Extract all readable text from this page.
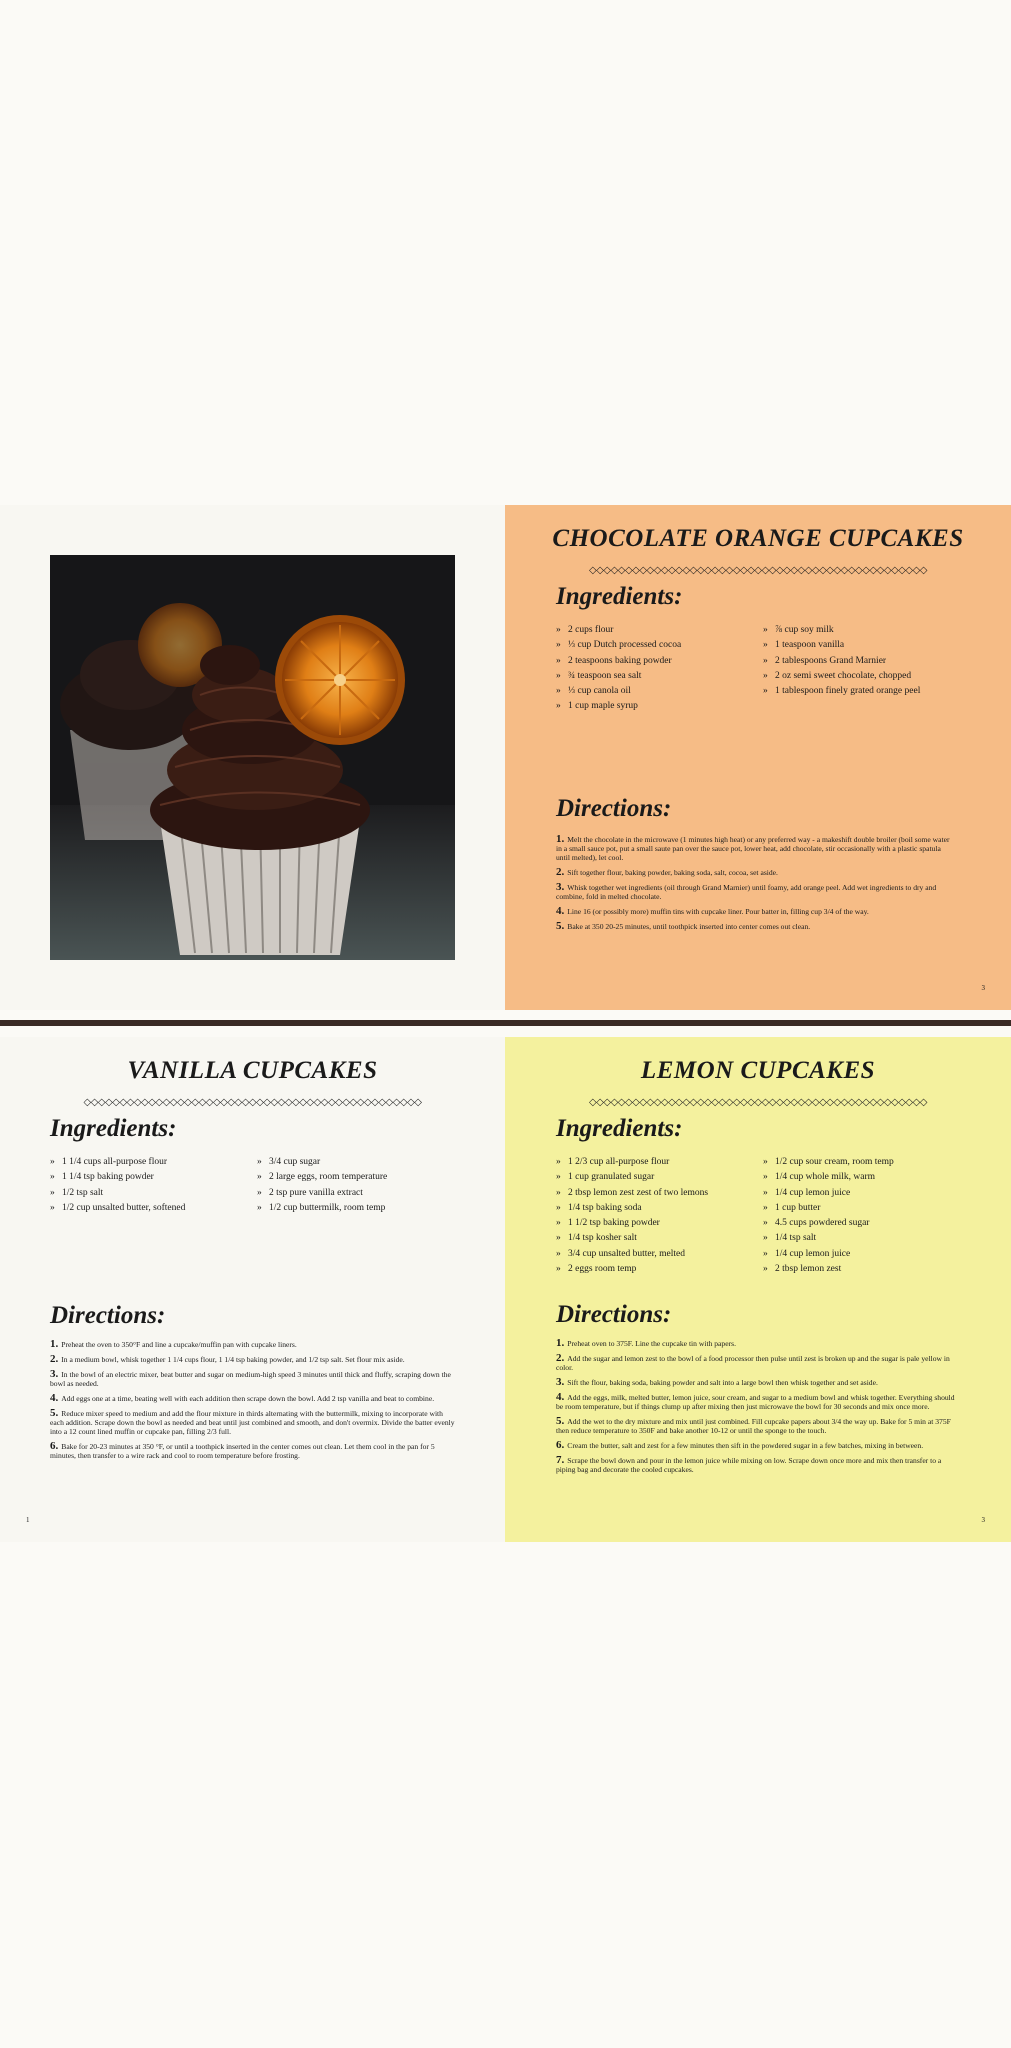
CHOCOLATE ORANGE CUPCAKES
◇◇◇◇◇◇◇◇◇◇◇◇◇◇◇◇◇◇◇◇◇◇◇◇◇◇◇◇◇◇◇◇◇◇◇◇◇◇◇◇◇◇◇◇◇◇◇
Ingredients:
» 2 cups flour
» ⅓ cup Dutch processed cocoa
» 2 teaspoons baking powder
» ¾ teaspoon sea salt
» ⅓ cup canola oil
» 1 cup maple syrup
» ⅞ cup soy milk
» 1 teaspoon vanilla
» 2 tablespoons Grand Marnier
» 2 oz semi sweet chocolate, chopped
» 1 tablespoon finely grated orange peel
Directions:
1. Melt the chocolate in the microwave (1 minutes high heat) or any preferred way - a makeshift double broiler (boil some water in a small sauce pot, put a small saute pan over the sauce pot, lower heat, add chocolate, stir occasionally with a plastic spatula until melted), let cool.
2. Sift together flour, baking powder, baking soda, salt, cocoa, set aside.
3. Whisk together wet ingredients (oil through Grand Marnier) until foamy, add orange peel. Add wet ingredients to dry and combine, fold in melted chocolate.
4. Line 16 (or possibly more) muffin tins with cupcake liner. Pour batter in, filling cup 3/4 of the way.
5. Bake at 350 20-25 minutes, until toothpick inserted into center comes out clean.
3
VANILLA CUPCAKES
◇◇◇◇◇◇◇◇◇◇◇◇◇◇◇◇◇◇◇◇◇◇◇◇◇◇◇◇◇◇◇◇◇◇◇◇◇◇◇◇◇◇◇◇◇◇◇
Ingredients:
» 1 1/4 cups all-purpose flour
» 1 1/4 tsp baking powder
» 1/2 tsp salt
» 1/2 cup unsalted butter, softened
» 3/4 cup sugar
» 2 large eggs, room temperature
» 2 tsp pure vanilla extract
» 1/2 cup buttermilk, room temp
Directions:
1. Preheat the oven to 350°F and line a cupcake/muffin pan with cupcake liners.
2. In a medium bowl, whisk together 1 1/4 cups flour, 1 1/4 tsp baking powder, and 1/2 tsp salt. Set flour mix aside.
3. In the bowl of an electric mixer, beat butter and sugar on medium-high speed 3 minutes until thick and fluffy, scraping down the bowl as needed.
4. Add eggs one at a time, beating well with each addition then scrape down the bowl. Add 2 tsp vanilla and beat to combine.
5. Reduce mixer speed to medium and add the flour mixture in thirds alternating with the buttermilk, mixing to incorporate with each addition. Scrape down the bowl as needed and beat until just combined and smooth, and don't overmix. Divide the batter evenly into a 12 count lined muffin or cupcake pan, filling 2/3 full.
6. Bake for 20-23 minutes at 350 °F, or until a toothpick inserted in the center comes out clean. Let them cool in the pan for 5 minutes, then transfer to a wire rack and cool to room temperature before frosting.
1
LEMON CUPCAKES
◇◇◇◇◇◇◇◇◇◇◇◇◇◇◇◇◇◇◇◇◇◇◇◇◇◇◇◇◇◇◇◇◇◇◇◇◇◇◇◇◇◇◇◇◇◇◇
Ingredients:
» 1 2/3 cup all-purpose flour
» 1 cup granulated sugar
» 2 tbsp lemon zest zest of two lemons
» 1/4 tsp baking soda
» 1 1/2 tsp baking powder
» 1/4 tsp kosher salt
» 3/4 cup unsalted butter, melted
» 2 eggs room temp
» 1/2 cup sour cream, room temp
» 1/4 cup whole milk, warm
» 1/4 cup lemon juice
» 1 cup butter
» 4.5 cups powdered sugar
» 1/4 tsp salt
» 1/4 cup lemon juice
» 2 tbsp lemon zest
Directions:
1. Preheat oven to 375F. Line the cupcake tin with papers.
2. Add the sugar and lemon zest to the bowl of a food processor then pulse until zest is broken up and the sugar is pale yellow in color.
3. Sift the flour, baking soda, baking powder and salt into a large bowl then whisk together and set aside.
4. Add the eggs, milk, melted butter, lemon juice, sour cream, and sugar to a medium bowl and whisk together. Everything should be room temperature, but if things clump up after mixing then just microwave the bowl for 30 seconds and mix once more.
5. Add the wet to the dry mixture and mix until just combined. Fill cupcake papers about 3/4 the way up. Bake for 5 min at 375F then reduce temperature to 350F and bake another 10-12 or until the sponge to the touch.
6. Cream the butter, salt and zest for a few minutes then sift in the powdered sugar in a few batches, mixing in between.
7. Scrape the bowl down and pour in the lemon juice while mixing on low. Scrape down once more and mix then transfer to a piping bag and decorate the cooled cupcakes.
3
